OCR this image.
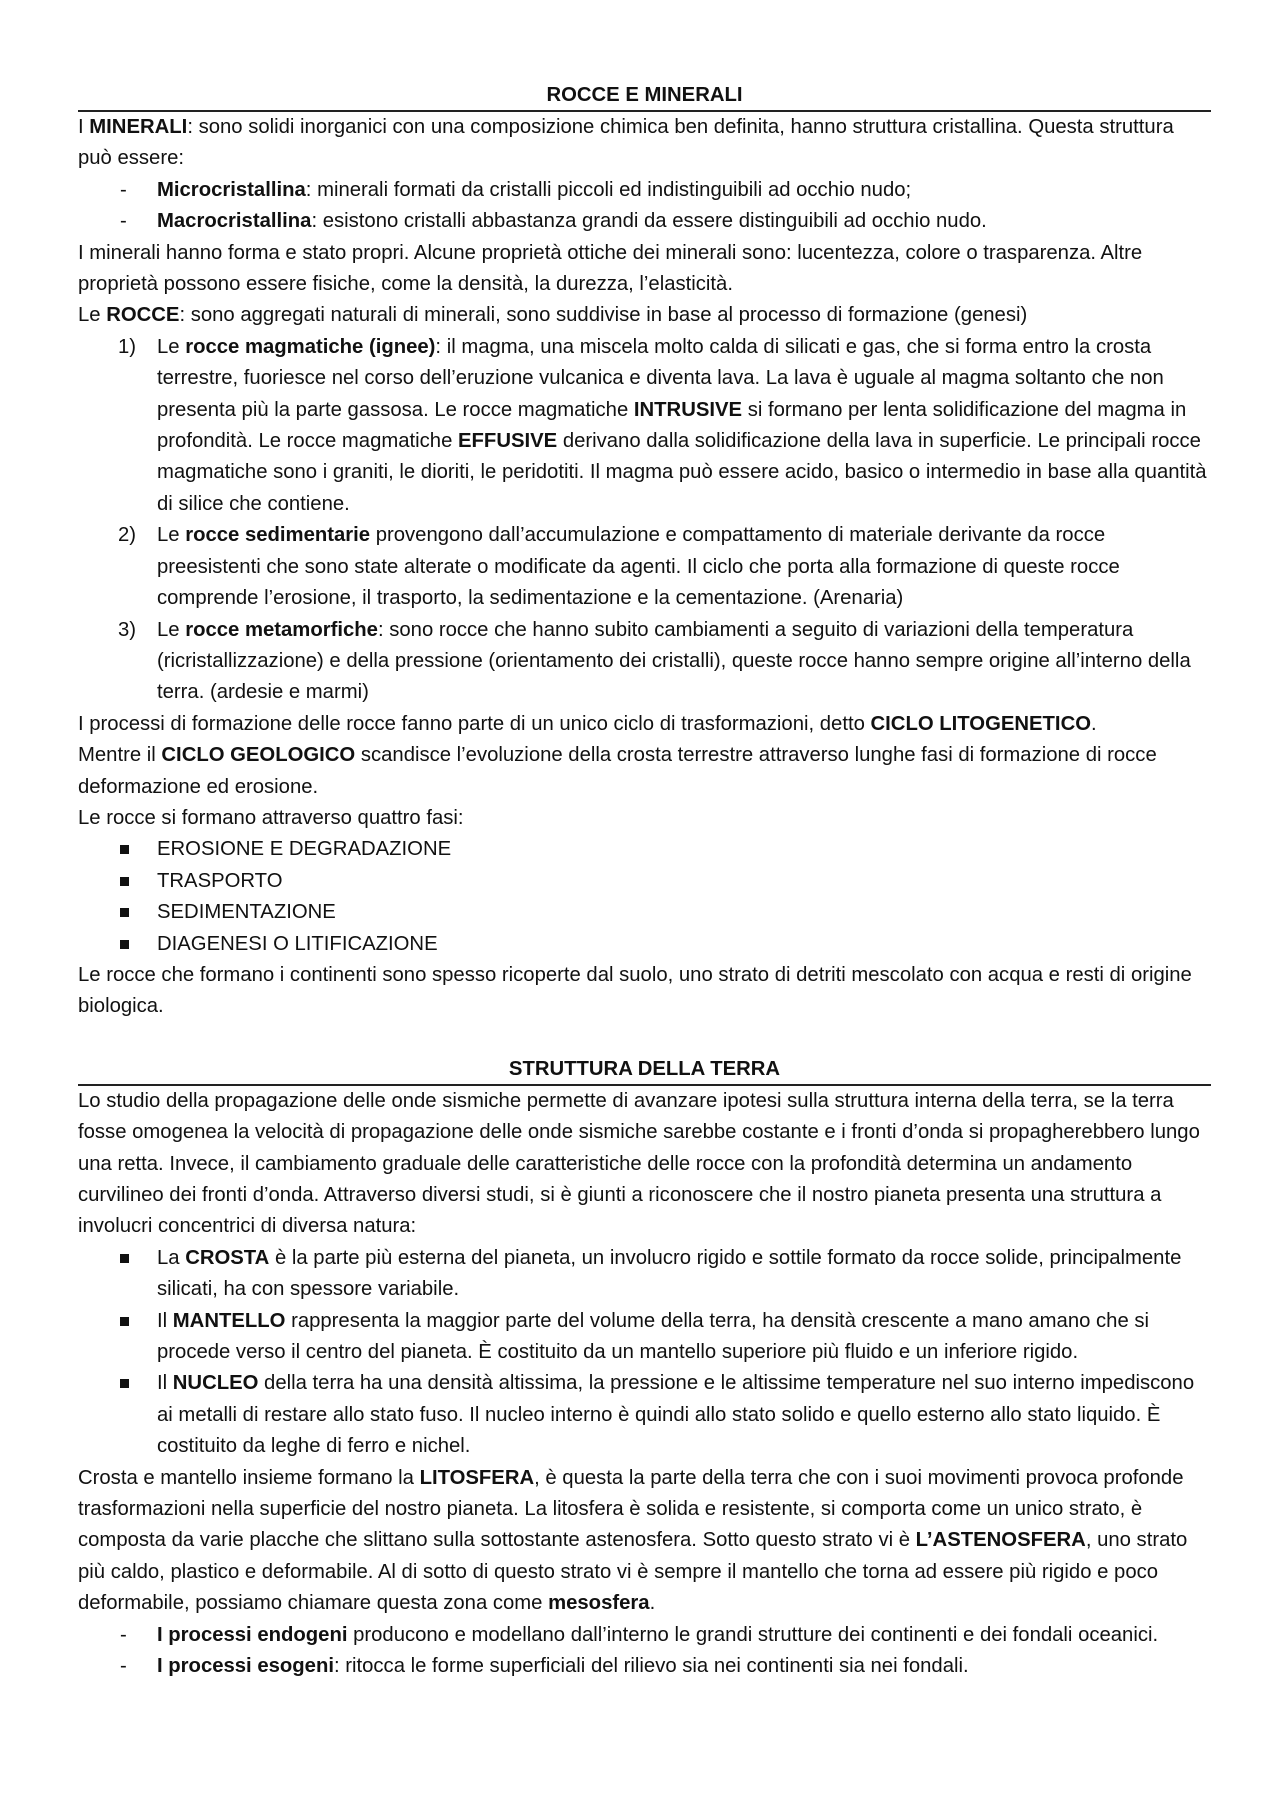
ROCCE E MINERALI

I MINERALI: sono solidi inorganici con una composizione chimica ben definita, hanno struttura cristallina. Questa struttura può essere:

- Microcristallina: minerali formati da cristalli piccoli ed indistinguibili ad occhio nudo;
- Macrocristallina: esistono cristalli abbastanza grandi da essere distinguibili ad occhio nudo.

I minerali hanno forma e stato propri. Alcune proprietà ottiche dei minerali sono: lucentezza, colore o trasparenza. Altre proprietà possono essere fisiche, come la densità, la durezza, l’elasticità.

Le ROCCE: sono aggregati naturali di minerali, sono suddivise in base al processo di formazione (genesi)

1) Le rocce magmatiche (ignee): il magma, una miscela molto calda di silicati e gas, che si forma entro la crosta terrestre, fuoriesce nel corso dell’eruzione vulcanica e diventa lava. La lava è uguale al magma soltanto che non presenta più la parte gassosa. Le rocce magmatiche INTRUSIVE si formano per lenta solidificazione del magma in profondità. Le rocce magmatiche EFFUSIVE derivano dalla solidificazione della lava in superficie. Le principali rocce magmatiche sono i graniti, le dioriti, le peridotiti. Il magma può essere acido, basico o intermedio in base alla quantità di silice che contiene.
2) Le rocce sedimentarie provengono dall’accumulazione e compattamento di materiale derivante da rocce preesistenti che sono state alterate o modificate da agenti. Il ciclo che porta alla formazione di queste rocce comprende l’erosione, il trasporto, la sedimentazione e la cementazione. (Arenaria)
3) Le rocce metamorfiche: sono rocce che hanno subito cambiamenti a seguito di variazioni della temperatura (ricristallizzazione) e della pressione (orientamento dei cristalli), queste rocce hanno sempre origine all’interno della terra. (ardesie e marmi)

I processi di formazione delle rocce fanno parte di un unico ciclo di trasformazioni, detto CICLO LITOGENETICO.

Mentre il CICLO GEOLOGICO scandisce l’evoluzione della crosta terrestre attraverso lunghe fasi di formazione di rocce deformazione ed erosione.

Le rocce si formano attraverso quattro fasi:

EROSIONE E DEGRADAZIONE
TRASPORTO
SEDIMENTAZIONE
DIAGENESI O LITIFICAZIONE

Le rocce che formano i continenti sono spesso ricoperte dal suolo, uno strato di detriti mescolato con acqua e resti di origine biologica.

STRUTTURA DELLA TERRA

Lo studio della propagazione delle onde sismiche permette di avanzare ipotesi sulla struttura interna della terra, se la terra fosse omogenea la velocità di propagazione delle onde sismiche sarebbe costante e i fronti d’onda si propagherebbero lungo una retta. Invece, il cambiamento graduale delle caratteristiche delle rocce con la profondità determina un andamento curvilineo dei fronti d’onda. Attraverso diversi studi, si è giunti a riconoscere che il nostro pianeta presenta una struttura a involucri concentrici di diversa natura:

La CROSTA è la parte più esterna del pianeta, un involucro rigido e sottile formato da rocce solide, principalmente silicati, ha con spessore variabile.
Il MANTELLO rappresenta la maggior parte del volume della terra, ha densità crescente a mano amano che si procede verso il centro del pianeta. È costituito da un mantello superiore più fluido e un inferiore rigido.
Il NUCLEO della terra ha una densità altissima, la pressione e le altissime temperature nel suo interno impediscono ai metalli di restare allo stato fuso. Il nucleo interno è quindi allo stato solido e quello esterno allo stato liquido. È costituito da leghe di ferro e nichel.

Crosta e mantello insieme formano la LITOSFERA, è questa la parte della terra che con i suoi movimenti provoca profonde trasformazioni nella superficie del nostro pianeta. La litosfera è solida e resistente, si comporta come un unico strato, è composta da varie placche che slittano sulla sottostante astenosfera. Sotto questo strato vi è L’ASTENOSFERA, uno strato più caldo, plastico e deformabile. Al di sotto di questo strato vi è sempre il mantello che torna ad essere più rigido e poco deformabile, possiamo chiamare questa zona come mesosfera.

- I processi endogeni producono e modellano dall’interno le grandi strutture dei continenti e dei fondali oceanici.
- I processi esogeni: ritocca le forme superficiali del rilievo sia nei continenti sia nei fondali.
